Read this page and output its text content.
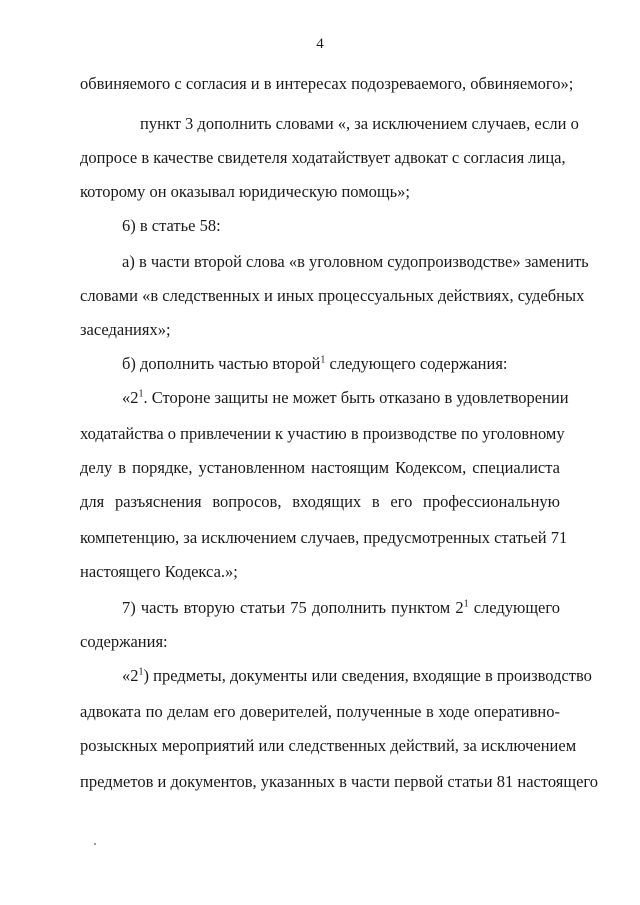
4
обвиняемого с согласия и в интересах подозреваемого, обвиняемого»;
пункт 3 дополнить словами «, за исключением случаев, если о
допросе в качестве свидетеля ходатайствует адвокат с согласия лица,
которому он оказывал юридическую помощь»;
6) в статье 58:
а) в части второй слова «в уголовном судопроизводстве» заменить
словами «в следственных и иных процессуальных действиях, судебных
заседаниях»;
б) дополнить частью второй$^1$ следующего содержания:
«$2^1$. Стороне защиты не может быть отказано в удовлетворении
ходатайства о привлечении к участию в производстве по уголовному
делу в порядке, установленном настоящим Кодексом, специалиста
для разъяснения вопросов, входящих в его профессиональную
компетенцию, за исключением случаев, предусмотренных статьей 71
настоящего Кодекса.»;
7) часть вторую статьи 75 дополнить пунктом $2^1$ следующего
содержания:
«$2^1$) предметы, документы или сведения, входящие в производство
адвоката по делам его доверителей, полученные в ходе оперативно-
розыскных мероприятий или следственных действий, за исключением
предметов и документов, указанных в части первой статьи 81 настоящего
